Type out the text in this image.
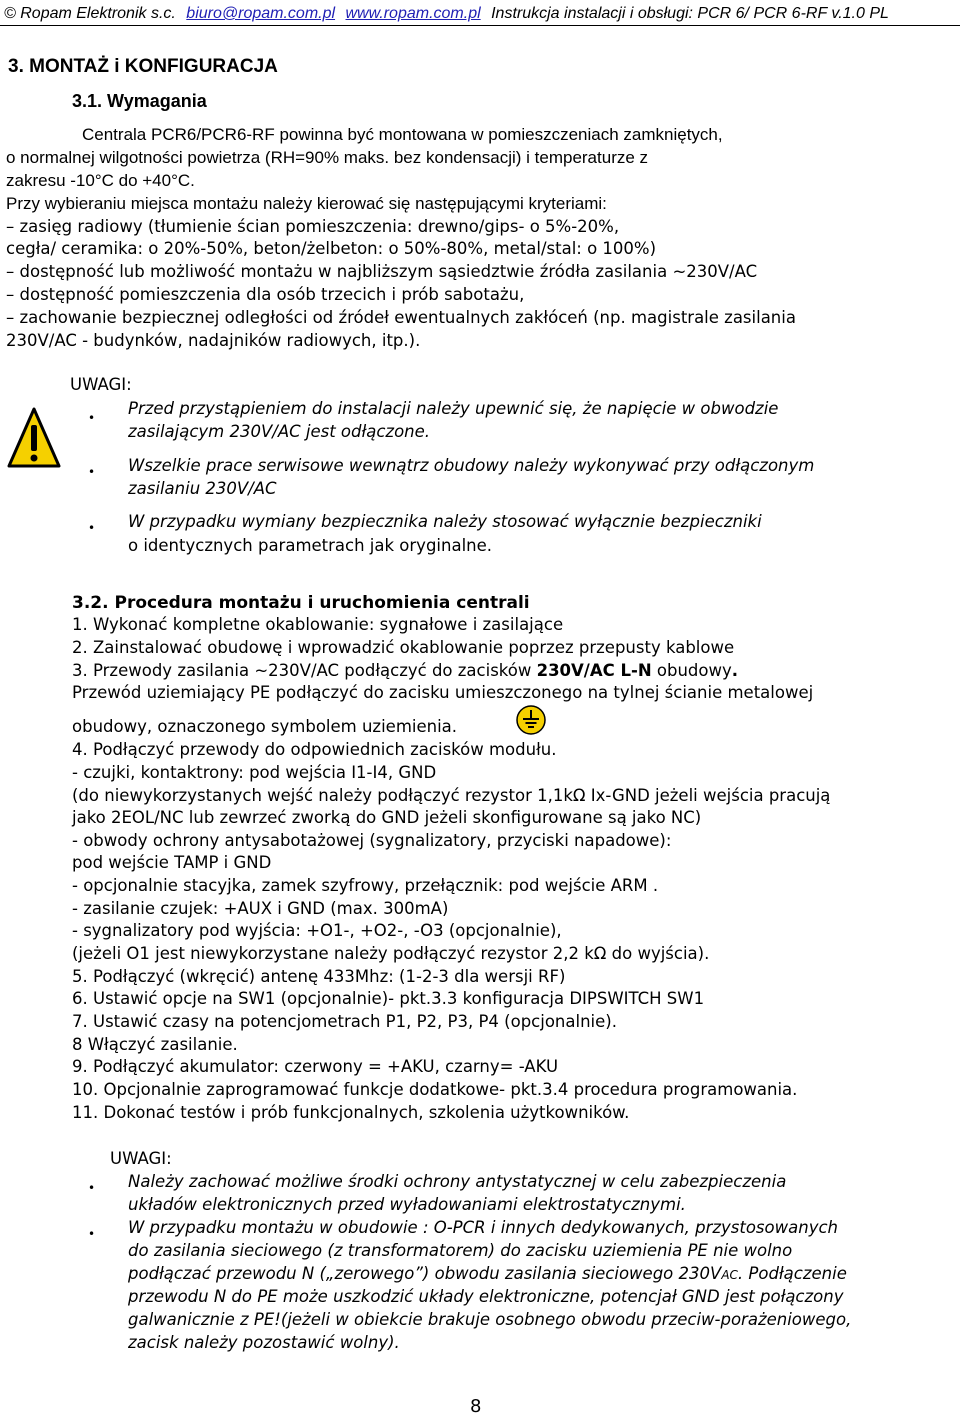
© Ropam Elektronik s.c. biuro@ropam.com.pl www.ropam.com.pl Instrukcja instalacji i obsługi: PCR 6/ PCR 6-RF v.1.0 PL
3. MONTAŻ i KONFIGURACJA
3.1. Wymagania
Centrala PCR6/PCR6-RF powinna być montowana w pomieszczeniach zamkniętych,
o normalnej wilgotności powietrza (RH=90% maks. bez kondensacji) i temperaturze z
zakresu -10°C do +40°C.
Przy wybieraniu miejsca montażu należy kierować się następującymi kryteriami:
– zasięg radiowy (tłumienie ścian pomieszczenia: drewno/gips- o 5%-20%,
cegła/ ceramika: o 20%-50%, beton/żelbeton: o 50%-80%, metal/stal: o 100%)
– dostępność lub możliwość montażu w najbliższym sąsiedztwie źródła zasilania ~230V/AC
– dostępność pomieszczenia dla osób trzecich i prób sabotażu,
– zachowanie bezpiecznej odległości od źródeł ewentualnych zakłóceń (np. magistrale zasilania
230V/AC - budynków, nadajników radiowych, itp.).
UWAGI:
• Przed przystąpieniem do instalacji należy upewnić się, że napięcie w obwodzie
zasilającym 230V/AC jest odłączone.
• Wszelkie prace serwisowe wewnątrz obudowy należy wykonywać przy odłączonym
zasilaniu 230V/AC
• W przypadku wymiany bezpiecznika należy stosować wyłącznie bezpieczniki
o identycznych parametrach jak oryginalne.
3.2. Procedura montażu i uruchomienia centrali
1. Wykonać kompletne okablowanie: sygnałowe i zasilające
2. Zainstalować obudowę i wprowadzić okablowanie poprzez przepusty kablowe
3. Przewody zasilania ~230V/AC podłączyć do zacisków 230V/AC L-N obudowy.
Przewód uziemiający PE podłączyć do zacisku umieszczonego na tylnej ścianie metalowej
obudowy, oznaczonego symbolem uziemienia.
4. Podłączyć przewody do odpowiednich zacisków modułu.
- czujki, kontaktrony: pod wejścia I1-I4, GND
(do niewykorzystanych wejść należy podłączyć rezystor 1,1kΩ Ix-GND jeżeli wejścia pracują
jako 2EOL/NC lub zewrzeć zworką do GND jeżeli skonfigurowane są jako NC)
- obwody ochrony antysabotażowej (sygnalizatory, przyciski napadowe):
pod wejście TAMP i GND
- opcjonalnie stacyjka, zamek szyfrowy, przełącznik: pod wejście ARM .
- zasilanie czujek: +AUX i GND (max. 300mA)
- sygnalizatory pod wyjścia: +O1-, +O2-, -O3 (opcjonalnie),
(jeżeli O1 jest niewykorzystane należy podłączyć rezystor 2,2 kΩ do wyjścia).
5. Podłączyć (wkręcić) antenę 433Mhz: (1-2-3 dla wersji RF)
6. Ustawić opcje na SW1 (opcjonalnie)- pkt.3.3 konfiguracja DIPSWITCH SW1
7. Ustawić czasy na potencjometrach P1, P2, P3, P4 (opcjonalnie).
8 Włączyć zasilanie.
9. Podłączyć akumulator: czerwony = +AKU, czarny= -AKU
10. Opcjonalnie zaprogramować funkcje dodatkowe- pkt.3.4 procedura programowania.
11. Dokonać testów i prób funkcjonalnych, szkolenia użytkowników.
UWAGI:
• Należy zachować możliwe środki ochrony antystatycznej w celu zabezpieczenia
układów elektronicznych przed wyładowaniami elektrostatycznymi.
• W przypadku montażu w obudowie : O-PCR i innych dedykowanych, przystosowanych
do zasilania sieciowego (z transformatorem) do zacisku uziemienia PE nie wolno
podłączać przewodu N („zerowego”) obwodu zasilania sieciowego 230VAC. Podłączenie
przewodu N do PE może uszkodzić układy elektroniczne, potencjał GND jest połączony
galwanicznie z PE!(jeżeli w obiekcie brakuje osobnego obwodu przeciw-porażeniowego,
zacisk należy pozostawić wolny).
8
